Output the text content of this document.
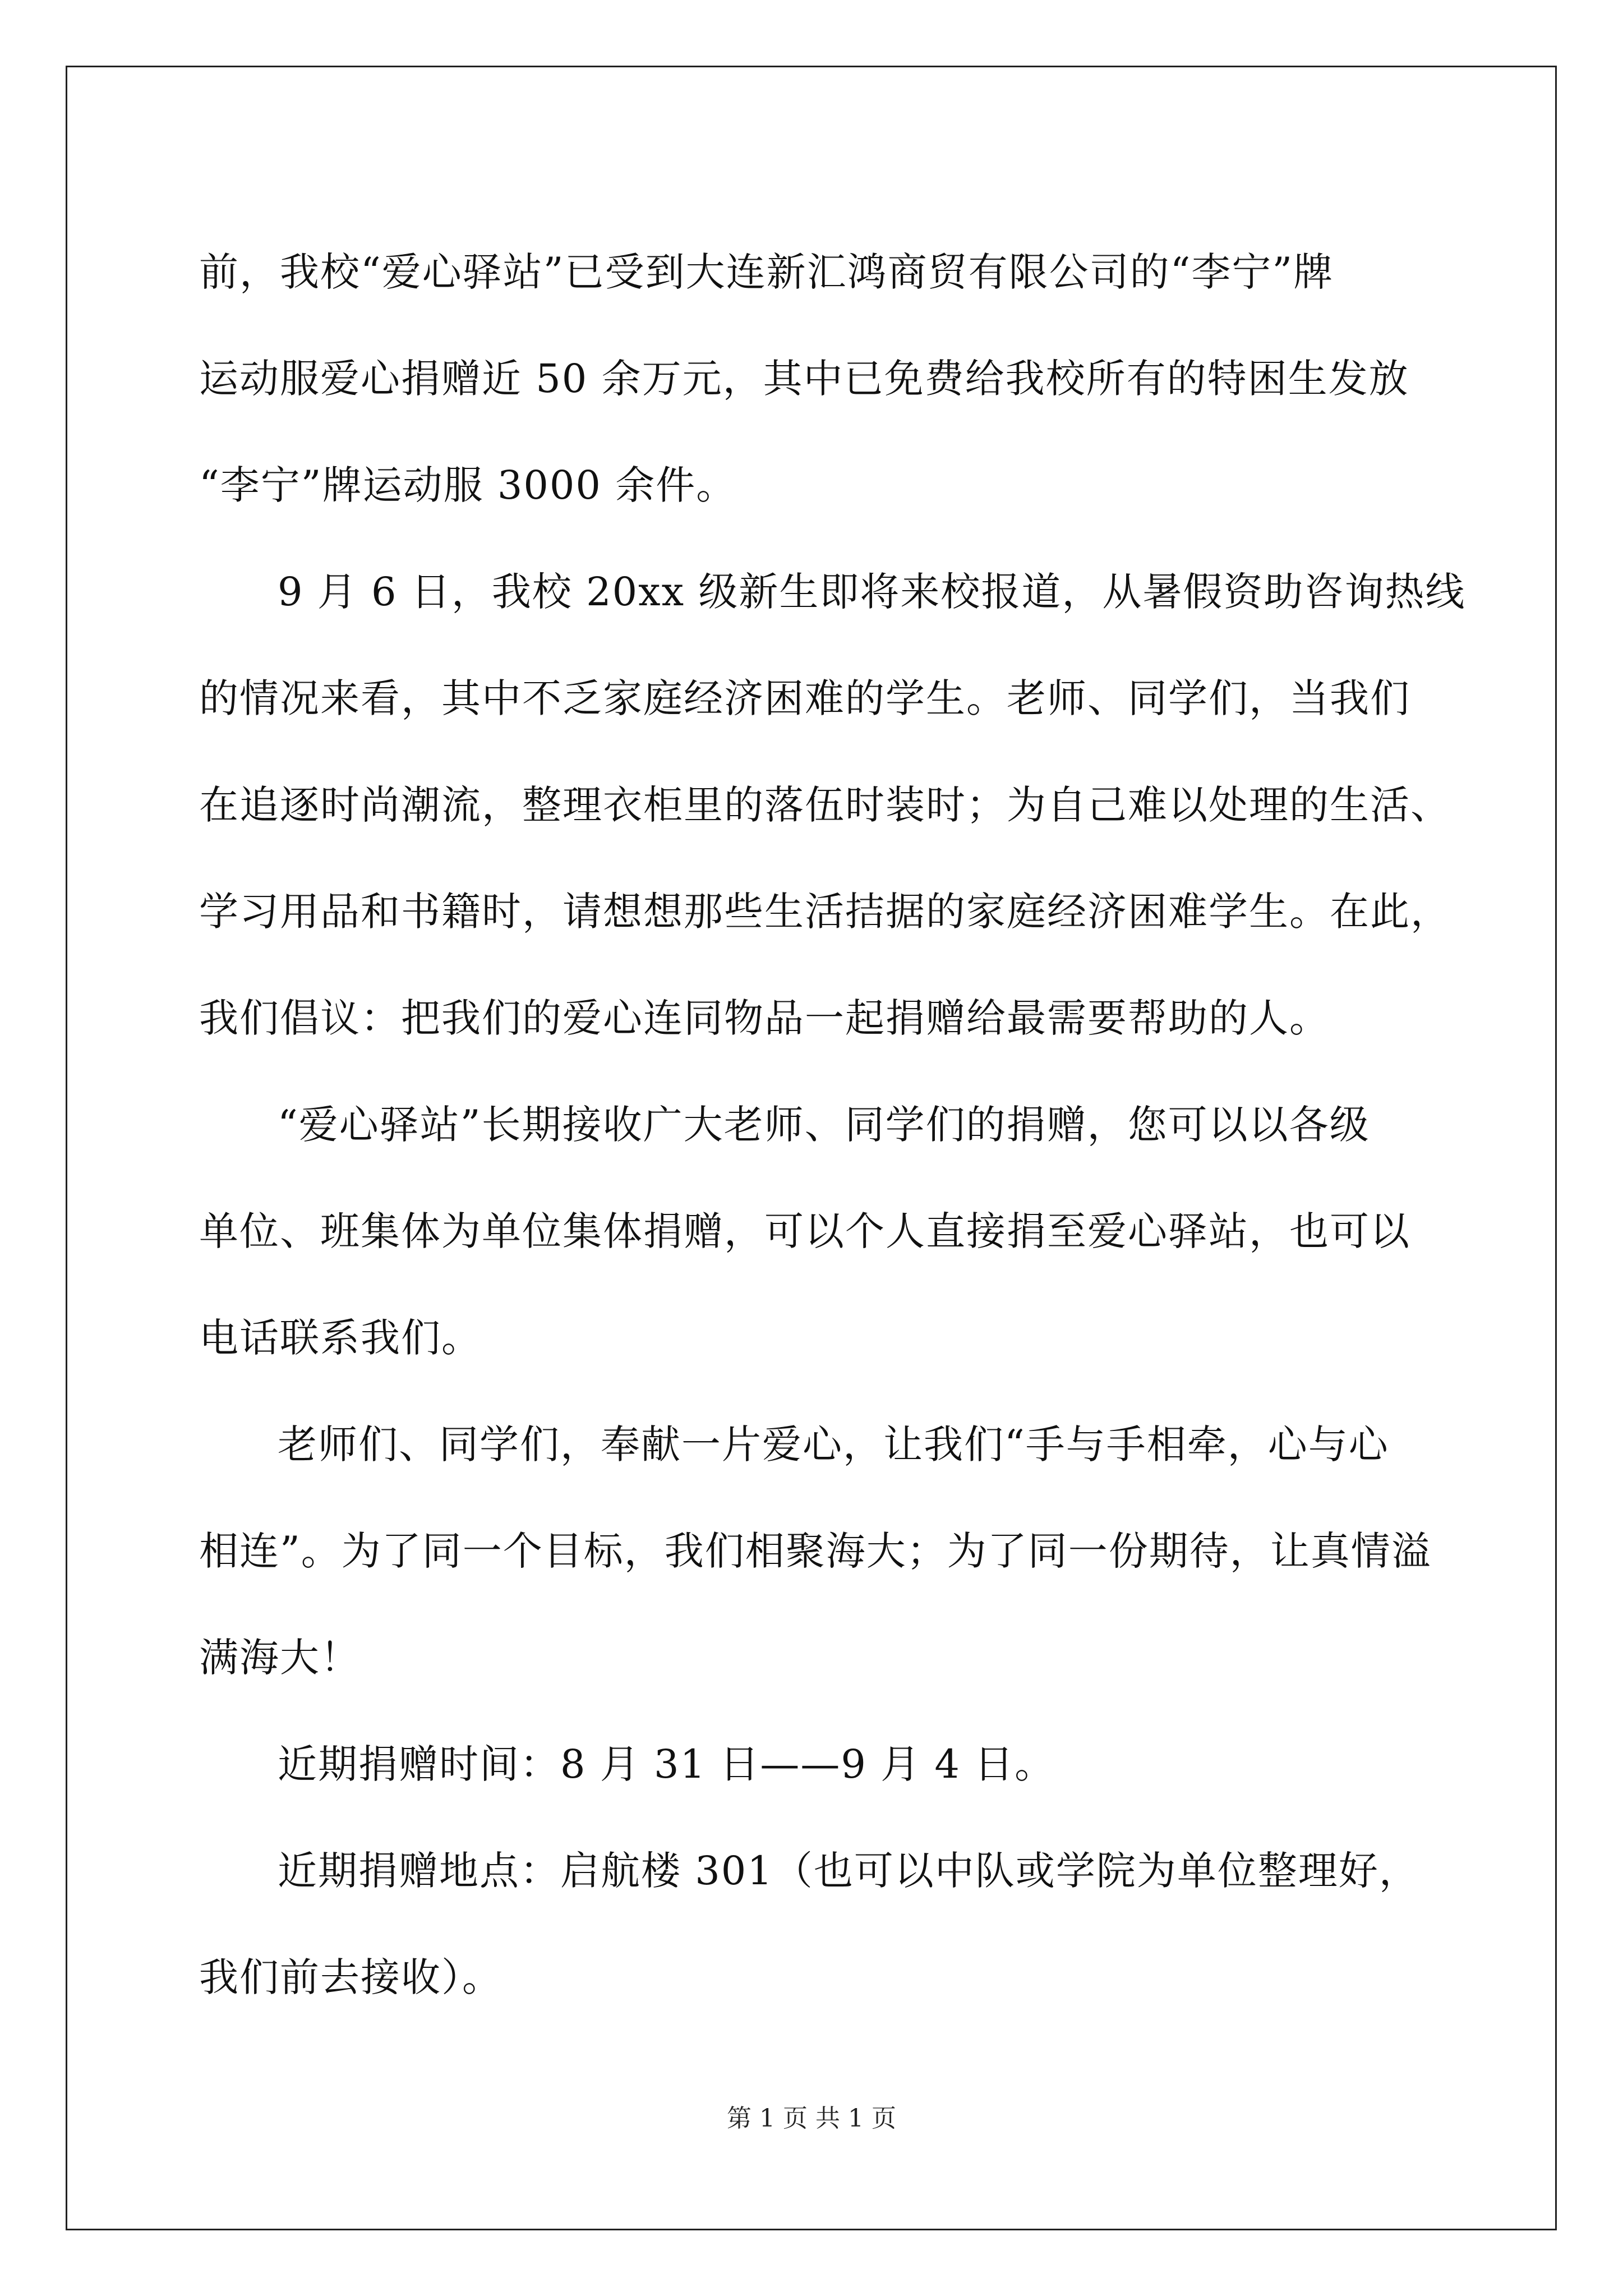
前，我校“爱心驿站”已受到大连新汇鸿商贸有限公司的“李宁”牌
运动服爱心捐赠近 50 余万元，其中已免费给我校所有的特困生发放
“李宁”牌运动服 3000 余件。
9 月 6 日，我校 20xx 级新生即将来校报道，从暑假资助咨询热线
的情况来看，其中不乏家庭经济困难的学生。老师、同学们，当我们
在追逐时尚潮流，整理衣柜里的落伍时装时；为自己难以处理的生活、
学习用品和书籍时，请想想那些生活拮据的家庭经济困难学生。在此，
我们倡议：把我们的爱心连同物品一起捐赠给最需要帮助的人。
“爱心驿站”长期接收广大老师、同学们的捐赠，您可以以各级
单位、班集体为单位集体捐赠，可以个人直接捐至爱心驿站，也可以
电话联系我们。
老师们、同学们，奉献一片爱心，让我们“手与手相牵，心与心
相连”。为了同一个目标，我们相聚海大；为了同一份期待，让真情溢
满海大！
近期捐赠时间：8 月 31 日——9 月 4 日。
近期捐赠地点：启航楼 301（也可以中队或学院为单位整理好，
我们前去接收）。
第 1 页 共 1 页
